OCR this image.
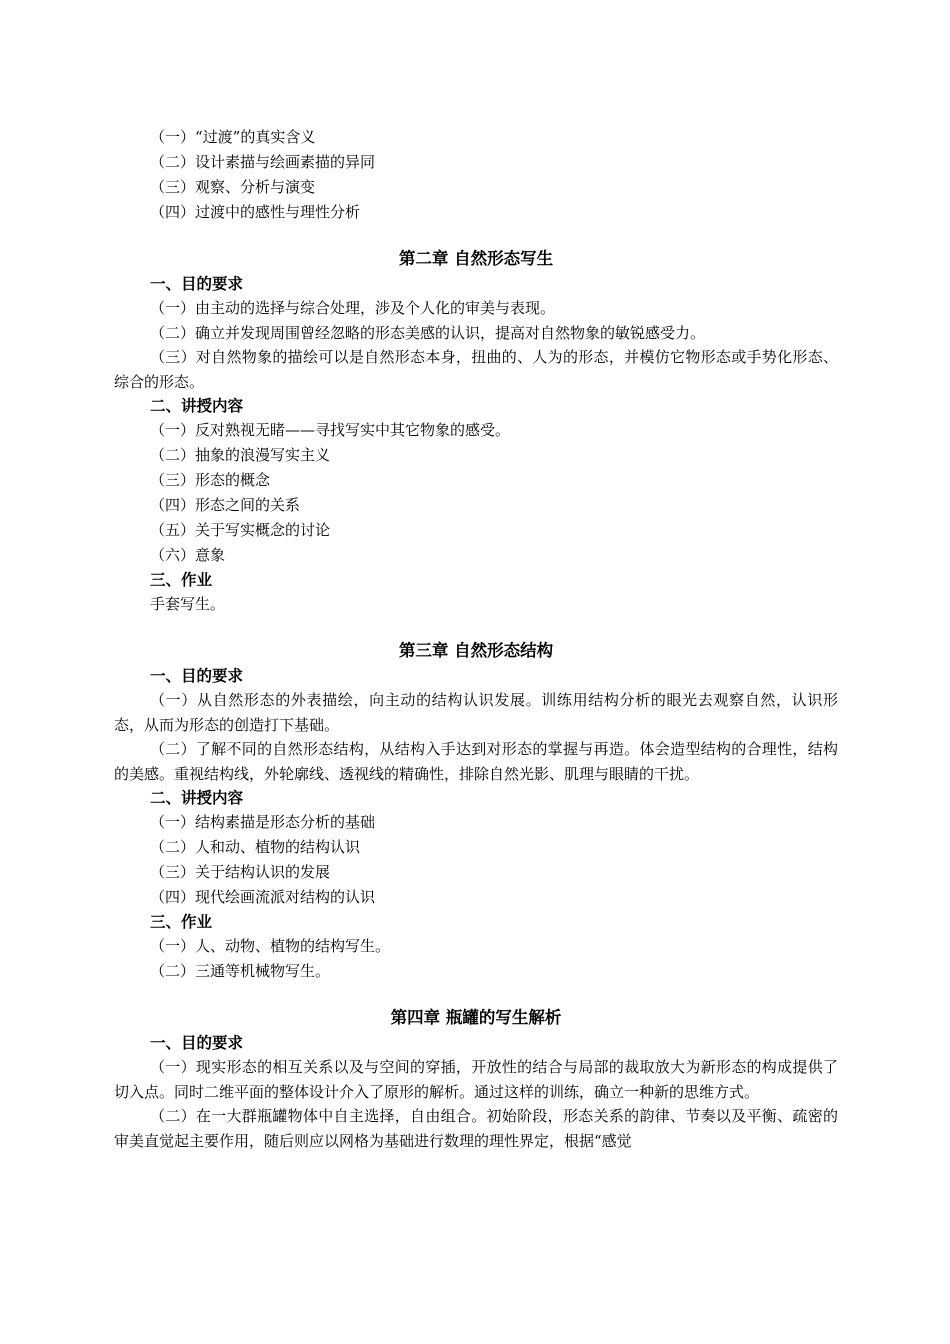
（一）“过渡”的真实含义
（二）设计素描与绘画素描的异同
（三）观察、分析与演变
（四）过渡中的感性与理性分析
第二章 自然形态写生
一、目的要求

（一）由主动的选择与综合处理，涉及个人化的审美与表现。

（二）确立并发现周围曾经忽略的形态美感的认识，提高对自然物象的敏锐感受力。

（三）对自然物象的描绘可以是自然形态本身，扭曲的、人为的形态，并模仿它物形态或手势化形态、综合的形态。

二、讲授内容
（一）反对熟视无睹——寻找写实中其它物象的感受。
（二）抽象的浪漫写实主义
（三）形态的概念
（四）形态之间的关系
（五）关于写实概念的讨论
（六）意象
三、作业
手套写生。
第三章 自然形态结构
一、目的要求

（一）从自然形态的外表描绘，向主动的结构认识发展。训练用结构分析的眼光去观察自然，认识形态，从而为形态的创造打下基础。

（二）了解不同的自然形态结构，从结构入手达到对形态的掌握与再造。体会造型结构的合理性，结构的美感。重视结构线，外轮廓线、透视线的精确性，排除自然光影、肌理与眼睛的干扰。

二、讲授内容
（一）结构素描是形态分析的基础
（二）人和动、植物的结构认识
（三）关于结构认识的发展
（四）现代绘画流派对结构的认识
三、作业
（一）人、动物、植物的结构写生。
（二）三通等机械物写生。
第四章 瓶罐的写生解析
一、目的要求

（一）现实形态的相互关系以及与空间的穿插，开放性的结合与局部的裁取放大为新形态的构成提供了切入点。同时二维平面的整体设计介入了原形的解析。通过这样的训练，确立一种新的思维方式。

（二）在一大群瓶罐物体中自主选择，自由组合。初始阶段，形态关系的韵律、节奏以及平衡、疏密的审美直觉起主要作用，随后则应以网格为基础进行数理的理性界定，根据“感觉
